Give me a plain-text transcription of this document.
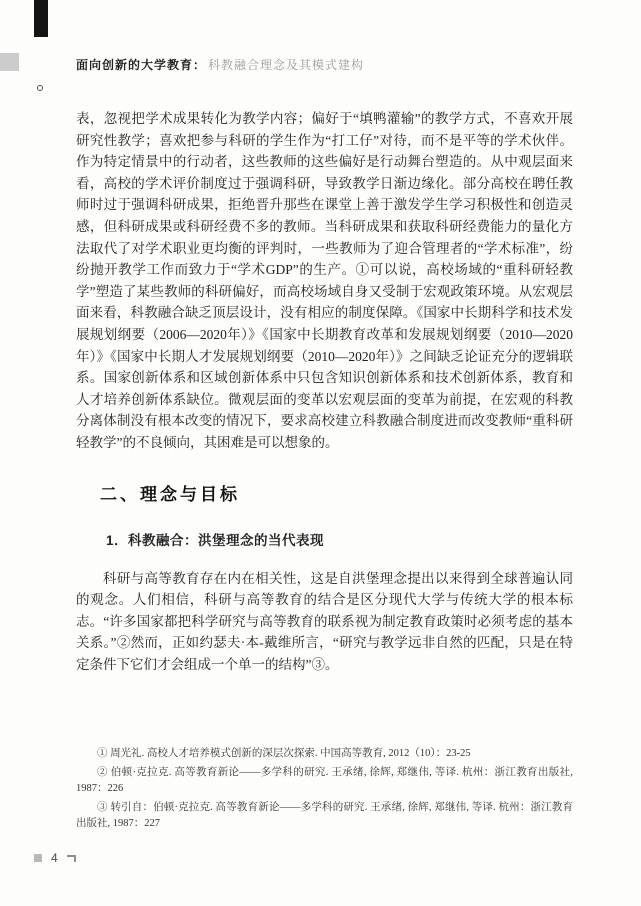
面向创新的大学教育： 科教融合理念及其模式建构

表，忽视把学术成果转化为教学内容；偏好于“填鸭灌输”的教学方式，不喜欢开展研究性教学；喜欢把参与科研的学生作为“打工仔”对待，而不是平等的学术伙伴。作为特定情景中的行动者，这些教师的这些偏好是行动舞台塑造的。从中观层面来看，高校的学术评价制度过于强调科研，导致教学日渐边缘化。部分高校在聘任教师时过于强调科研成果，拒绝晋升那些在课堂上善于激发学生学习积极性和创造灵感，但科研成果或科研经费不多的教师。当科研成果和获取科研经费能力的量化方法取代了对学术职业更均衡的评判时，一些教师为了迎合管理者的“学术标准”，纷纷抛开教学工作而致力于“学术GDP”的生产。①可以说，高校场域的“重科研轻教学”塑造了某些教师的科研偏好，而高校场域自身又受制于宏观政策环境。从宏观层面来看，科教融合缺乏顶层设计，没有相应的制度保障。《国家中长期科学和技术发展规划纲要（2006—2020年）》《国家中长期教育改革和发展规划纲要（2010—2020年）》《国家中长期人才发展规划纲要（2010—2020年）》之间缺乏论证充分的逻辑联系。国家创新体系和区域创新体系中只包含知识创新体系和技术创新体系，教育和人才培养创新体系缺位。微观层面的变革以宏观层面的变革为前提，在宏观的科教分离体制没有根本改变的情况下，要求高校建立科教融合制度进而改变教师“重科研轻教学”的不良倾向，其困难是可以想象的。

二、理念与目标
1．科教融合：洪堡理念的当代表现

科研与高等教育存在内在相关性，这是自洪堡理念提出以来得到全球普遍认同的观念。人们相信，科研与高等教育的结合是区分现代大学与传统大学的根本标志。“许多国家都把科学研究与高等教育的联系视为制定教育政策时必须考虑的基本关系。”②然而，正如约瑟夫·本-戴维所言，“研究与教学远非自然的匹配，只是在特定条件下它们才会组成一个单一的结构”③。

① 周光礼. 高校人才培养模式创新的深层次探索. 中国高等教育, 2012（10）：23-25

② 伯顿·克拉克. 高等教育新论——多学科的研究. 王承绪, 徐辉, 郑继伟, 等译. 杭州：浙江教育出版社, 1987：226

③ 转引自：伯顿·克拉克. 高等教育新论——多学科的研究. 王承绪, 徐辉, 郑继伟, 等译. 杭州：浙江教育出版社, 1987：227

4
